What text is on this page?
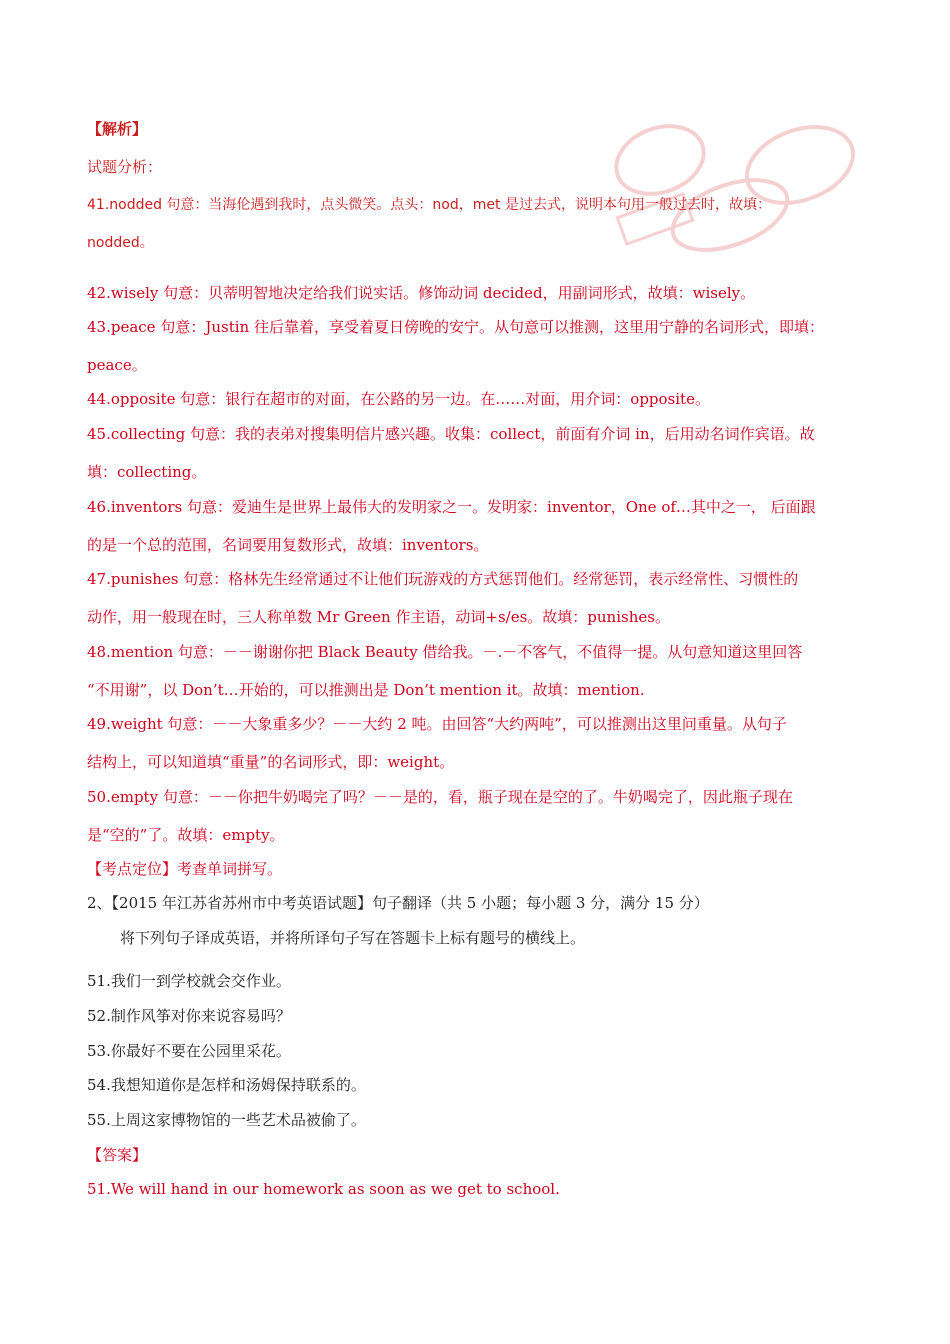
【解析】
试题分析：
41.nodded 句意：当海伦遇到我时，点头微笑。点头：nod，met 是过去式，说明本句用一般过去时，故填：
nodded。
42.wisely 句意：贝蒂明智地决定给我们说实话。修饰动词 decided，用副词形式，故填：wisely。
43.peace 句意：Justin 往后靠着，享受着夏日傍晚的安宁。从句意可以推测，这里用宁静的名词形式，即填：
peace。
44.opposite 句意：银行在超市的对面，在公路的另一边。在……对面，用介词：opposite。
45.collecting 句意：我的表弟对搜集明信片感兴趣。收集：collect，前面有介词 in，后用动名词作宾语。故
填：collecting。
46.inventors 句意：爱迪生是世界上最伟大的发明家之一。发明家：inventor，One of…其中之一， 后面跟
的是一个总的范围，名词要用复数形式，故填：inventors。
47.punishes 句意：格林先生经常通过不让他们玩游戏的方式惩罚他们。经常惩罚，表示经常性、习惯性的
动作，用一般现在时，三人称单数 Mr Green 作主语，动词+s/es。故填：punishes。
48.mention 句意：－－谢谢你把 Black Beauty 借给我。－.－不客气，不值得一提。从句意知道这里回答
“不用谢”，以 Don’t…开始的，可以推测出是 Don’t mention it。故填：mention.
49.weight 句意：－－大象重多少？－－大约 2 吨。由回答“大约两吨”，可以推测出这里问重量。从句子
结构上，可以知道填“重量”的名词形式，即：weight。
50.empty 句意：－－你把牛奶喝完了吗？－－是的，看，瓶子现在是空的了。牛奶喝完了，因此瓶子现在
是“空的”了。故填：empty。
【考点定位】考查单词拼写。
2、【2015 年江苏省苏州市中考英语试题】句子翻译（共 5 小题；每小题 3 分，满分 15 分）
将下列句子译成英语，并将所译句子写在答题卡上标有题号的横线上。
51.我们一到学校就会交作业。
52.制作风筝对你来说容易吗？
53.你最好不要在公园里采花。
54.我想知道你是怎样和汤姆保持联系的。
55.上周这家博物馆的一些艺术品被偷了。
【答案】
51.We will hand in our homework as soon as we get to school.
